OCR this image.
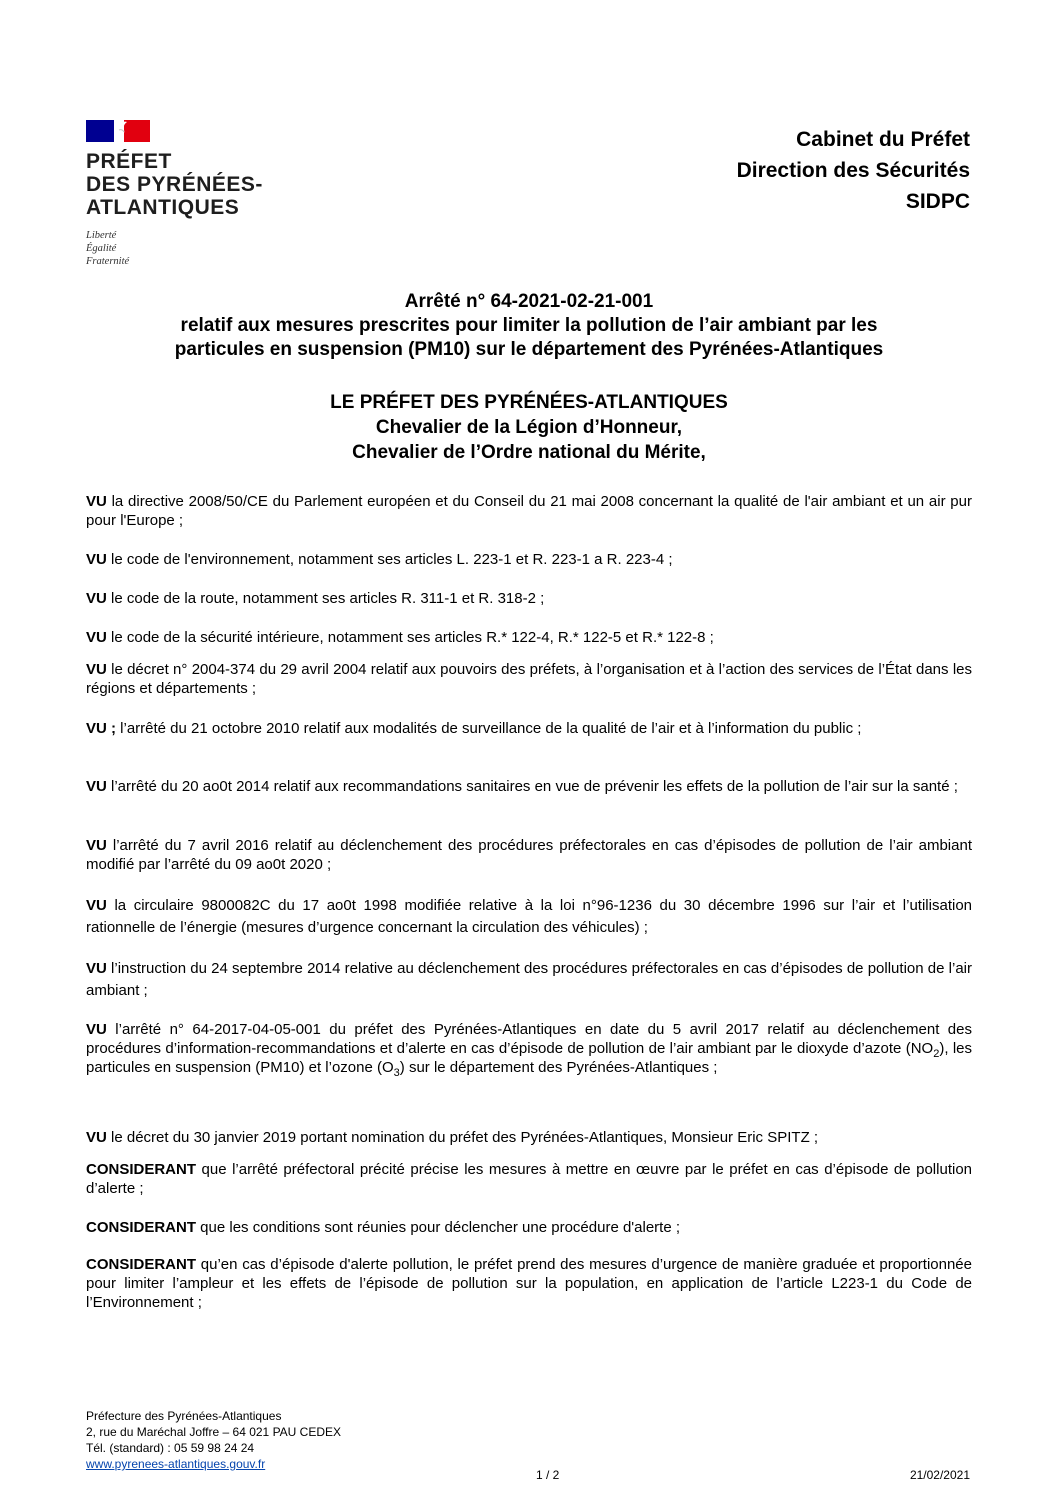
PRÉFET
DES PYRÉNÉES-
ATLANTIQUES
Liberté
Égalité
Fraternité
Cabinet du Préfet
Direction des Sécurités
SIDPC
Arrêté n° 64-2021-02-21-001
relatif aux mesures prescrites pour limiter la pollution de l’air ambiant par les
particules en suspension (PM10) sur le département des Pyrénées-Atlantiques
LE PRÉFET DES PYRÉNÉES-ATLANTIQUES
Chevalier de la Légion d’Honneur,
Chevalier de l’Ordre national du Mérite,

VU la directive 2008/50/CE du Parlement européen et du Conseil du 21 mai 2008 concernant la qualité de l'air ambiant et un air pur pour l'Europe ;

VU le code de l'environnement, notamment ses articles L. 223-1 et R. 223-1 a R. 223-4 ;

VU le code de la route, notamment ses articles R. 311-1 et R. 318-2 ;

VU le code de la sécurité intérieure, notamment ses articles R.* 122-4, R.* 122-5 et R.* 122-8 ;

VU le décret n° 2004-374 du 29 avril 2004 relatif aux pouvoirs des préfets, à l’organisation et à l’action des services de l’État dans les régions et départements ;

VU ; l’arrêté du 21 octobre 2010 relatif aux modalités de surveillance de la qualité de l’air et à l’information du public ;

VU l’arrêté du 20 ao0t 2014 relatif aux recommandations sanitaires en vue de prévenir les effets de la pollution de l’air sur la santé ;

VU l’arrêté du 7 avril 2016 relatif au déclenchement des procédures préfectorales en cas d’épisodes de pollution de l’air ambiant modifié par l’arrêté du 09 ao0t 2020 ;

VU la circulaire 9800082C du 17 ao0t 1998 modifiée relative à la loi n°96-1236 du 30 décembre 1996 sur l’air et l’utilisation rationnelle de l’énergie (mesures d’urgence concernant la circulation des véhicules) ;

VU l’instruction du 24 septembre 2014 relative au déclenchement des procédures préfectorales en cas d’épisodes de pollution de l’air ambiant ;

VU l’arrêté n° 64-2017-04-05-001 du préfet des Pyrénées-Atlantiques en date du 5 avril 2017 relatif au déclenchement des procédures d’information-recommandations et d’alerte en cas d’épisode de pollution de l’air ambiant par le dioxyde d’azote $(NO_2)$, les particules en suspension (PM10) et l’ozone $(O_3)$ sur le département des Pyrénées-Atlantiques ;

VU le décret du 30 janvier 2019 portant nomination du préfet des Pyrénées-Atlantiques, Monsieur Eric SPITZ ;

CONSIDERANT que l’arrêté préfectoral précité précise les mesures à mettre en œuvre par le préfet en cas d’épisode de pollution d’alerte ;

CONSIDERANT que les conditions sont réunies pour déclencher une procédure d'alerte ;

CONSIDERANT qu’en cas d’épisode d'alerte pollution, le préfet prend des mesures d’urgence de manière graduée et proportionnée pour limiter l’ampleur et les effets de l’épisode de pollution sur la population, en application de l’article L223-1 du Code de l’Environnement ;

Préfecture des Pyrénées-Atlantiques
2, rue du Maréchal Joffre – 64 021 PAU CEDEX
Tél. (standard) : 05 59 98 24 24
www.pyrenees-atlantiques.gouv.fr
1 / 2	21/02/2021
